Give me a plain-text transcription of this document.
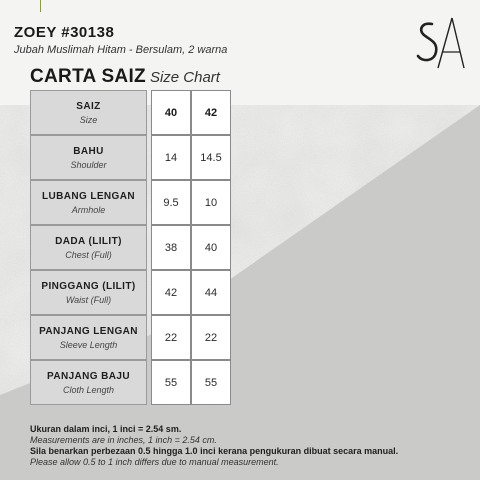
ZOEY #30138
Jubah Muslimah Hitam - Bersulam, 2 warna
CARTA SAIZ Size Chart
SAIZ
Size		40	42

BAHU
Shoulder		14	14.5

LUBANG LENGAN
Armhole		9.5	10

DADA (LILIT)
Chest (Full)		38	40

PINGGANG (LILIT)
Waist (Full)		42	44

PANJANG LENGAN
Sleeve Length		22	22

PANJANG BAJU
Cloth Length		55	55
Ukuran dalam inci, 1 inci = 2.54 sm.
Measurements are in inches, 1 inch = 2.54 cm.
Sila benarkan perbezaan 0.5 hingga 1.0 inci kerana pengukuran dibuat secara manual.
Please allow 0.5 to 1 inch differs due to manual measurement.
